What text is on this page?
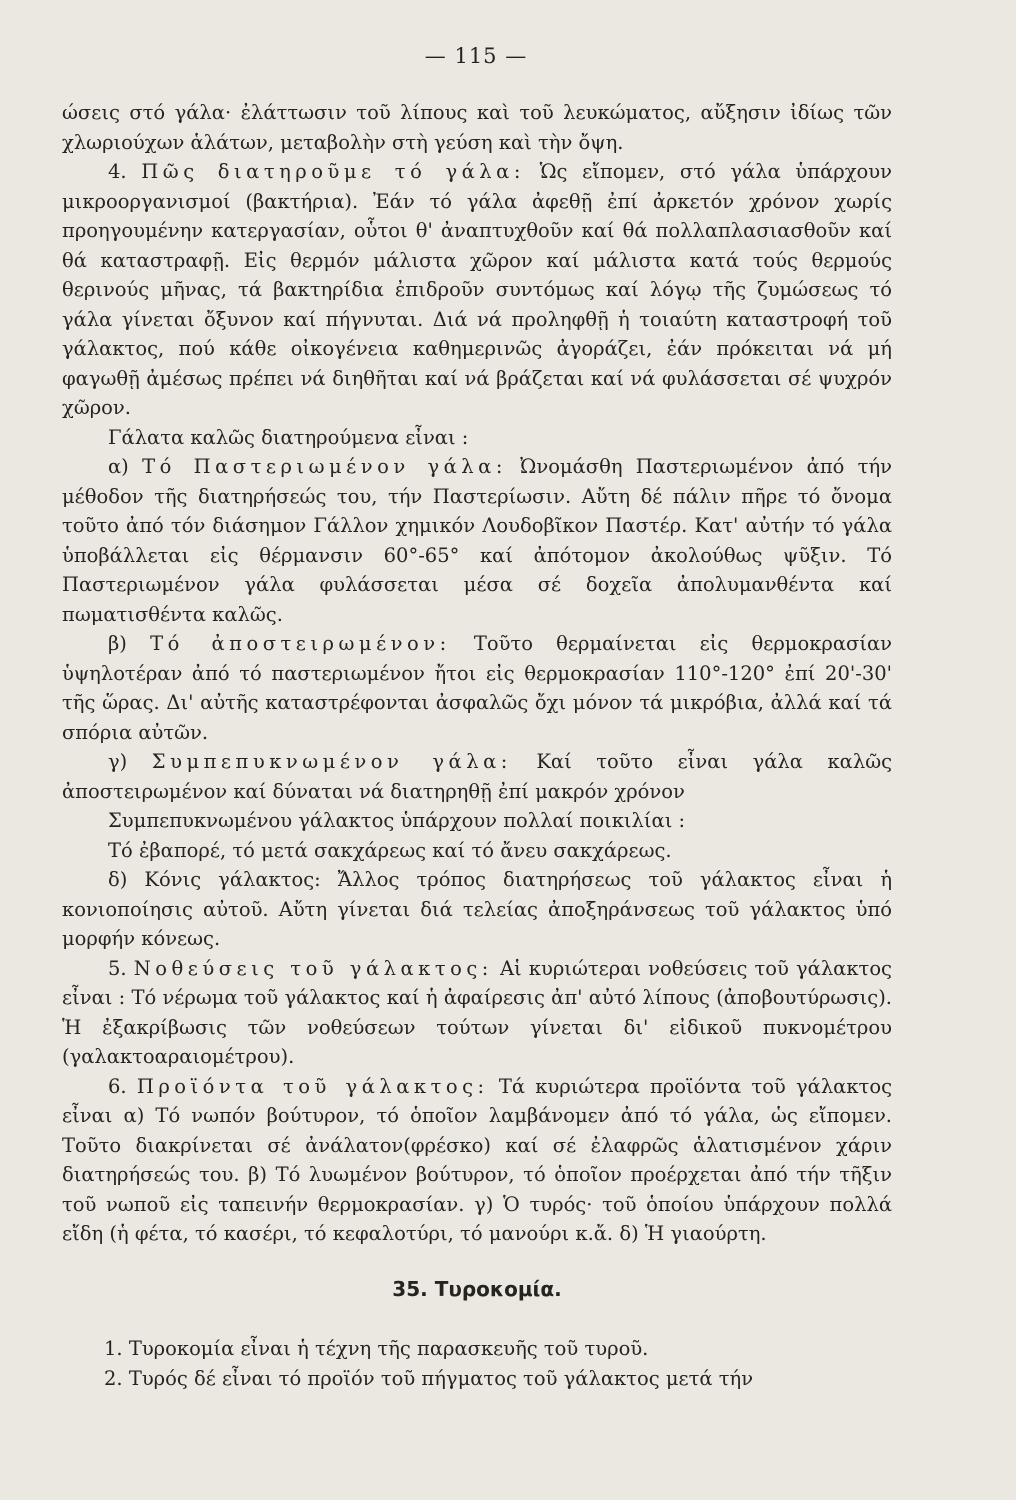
— 115 —

ώσεις στό γάλα· ἐλάττωσιν τοῦ λίπους καὶ τοῦ λευκώματος, αὔξησιν ἰδίως τῶν χλωριούχων ἁλάτων, μεταβολὴν στὴ γεύση καὶ τὴν ὄψη.

4. Πῶς διατηροῦμε τό γάλα: Ὡς εἴπομεν, στό γάλα ὑπάρχουν μικροοργανισμοί (βακτήρια). Ἐάν τό γάλα ἀφεθῇ ἐπί ἀρκετόν χρόνον χωρίς προηγουμένην κατεργασίαν, οὗτοι θ' ἀναπτυχθοῦν καί θά πολλαπλασιασθοῦν καί θά καταστραφῇ. Εἰς θερμόν μάλιστα χῶρον καί μάλιστα κατά τούς θερμούς θερινούς μῆνας, τά βακτηρίδια ἐπιδροῦν συντόμως καί λόγῳ τῆς ζυμώσεως τό γάλα γίνεται ὄξυνον καί πήγνυται. Διά νά προληφθῇ ἡ τοιαύτη καταστροφή τοῦ γάλακτος, πού κάθε οἰκογένεια καθημερινῶς ἀγοράζει, ἐάν πρόκειται νά μή φαγωθῇ ἀμέσως πρέπει νά διηθῆται καί νά βράζεται καί νά φυλάσσεται σέ ψυχρόν χῶρον.

Γάλατα καλῶς διατηρούμενα εἶναι :

α) Τό Παστεριωμένον γάλα: Ὠνομάσθη Παστεριωμένον ἀπό τήν μέθοδον τῆς διατηρήσεώς του, τήν Παστερίωσιν. Αὔτη δέ πάλιν πῆρε τό ὄνομα τοῦτο ἀπό τόν διάσημον Γάλλον χημικόν Λουδοβῖκον Παστέρ. Κατ' αὐτήν τό γάλα ὑποβάλλεται εἰς θέρμανσιν 60°-65° καί ἀπότομον ἀκολούθως ψῦξιν. Τό Παστεριωμένον γάλα φυλάσσεται μέσα σέ δοχεῖα ἀπολυμανθέντα καί πωματισθέντα καλῶς.

β) Τό ἀποστειρωμένον: Τοῦτο θερμαίνεται εἰς θερμοκρασίαν ὑψηλοτέραν ἀπό τό παστεριωμένον ἤτοι εἰς θερμοκρασίαν 110°-120° ἐπί 20'-30' τῆς ὥρας. Δι' αὐτῆς καταστρέφονται ἀσφαλῶς ὄχι μόνον τά μικρόβια, ἀλλά καί τά σπόρια αὐτῶν.

γ) Συμπεπυκνωμένον γάλα: Καί τοῦτο εἶναι γάλα καλῶς ἀποστειρωμένον καί δύναται νά διατηρηθῇ ἐπί μακρόν χρόνον

Συμπεπυκνωμένου γάλακτος ὑπάρχουν πολλαί ποικιλίαι :

Τό ἐβαπορέ, τό μετά σακχάρεως καί τό ἄνευ σακχάρεως.

δ) Κόνις γάλακτος: Ἄλλος τρόπος διατηρήσεως τοῦ γάλακτος εἶναι ἡ κονιοποίησις αὐτοῦ. Αὔτη γίνεται διά τελείας ἀποξηράνσεως τοῦ γάλακτος ὑπό μορφήν κόνεως.

5. Νοθεύσεις τοῦ γάλακτος: Αἱ κυριώτεραι νοθεύσεις τοῦ γάλακτος εἶναι : Τό νέρωμα τοῦ γάλακτος καί ἡ ἀφαίρεσις ἀπ' αὐτό λίπους (ἀποβουτύρωσις). Ἡ ἐξακρίβωσις τῶν νοθεύσεων τούτων γίνεται δι' εἰδικοῦ πυκνομέτρου (γαλακτοαραιομέτρου).

6. Προϊόντα τοῦ γάλακτος: Τά κυριώτερα προϊόντα τοῦ γάλακτος εἶναι α) Τό νωπόν βούτυρον, τό ὁποῖον λαμβάνομεν ἀπό τό γάλα, ὡς εἴπομεν. Τοῦτο διακρίνεται σέ ἀνάλατον(φρέσκο) καί σέ ἐλαφρῶς ἁλατισμένον χάριν διατηρήσεώς του. β) Τό λυωμένον βούτυρον, τό ὁποῖον προέρχεται ἀπό τήν τῆξιν τοῦ νωποῦ εἰς ταπεινήν θερμοκρασίαν. γ) Ὁ τυρός· τοῦ ὁποίου ὑπάρχουν πολλά εἴδη (ἡ φέτα, τό κασέρι, τό κεφαλοτύρι, τό μανούρι κ.ἄ. δ) Ἡ γιαούρτη.

35. Τυροκομία.

1. Τυροκομία εἶναι ἡ τέχνη τῆς παρασκευῆς τοῦ τυροῦ.

2. Τυρός δέ εἶναι τό προϊόν τοῦ πήγματος τοῦ γάλακτος μετά τήν
